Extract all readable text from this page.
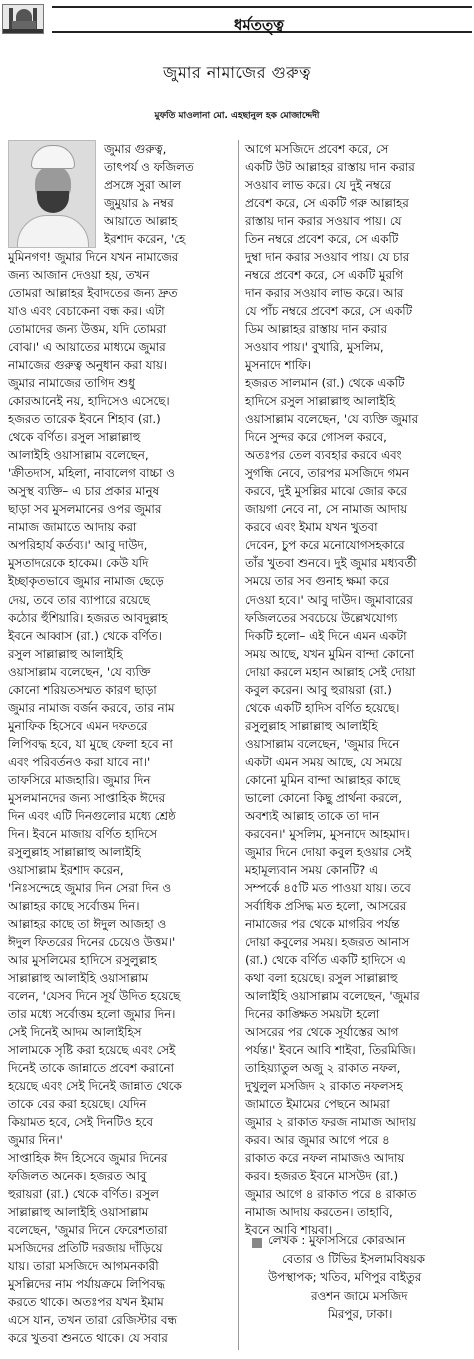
ধর্মতত্ত্ব
জুমার নামাজের গুরুত্ব
মুফতি মাওলানা মো. এহছানুল হক মোজাদ্দেদী
জুমার গুরুত্ব,
তাৎপর্য ও ফজিলত
প্রসঙ্গে সুরা আল
জুমুয়ার ৯ নম্বর
আয়াতে আল্লাহ
ইরশাদ করেন, 'হে
মুমিনগণ! জুমার দিনে যখন নামাজের
জন্য আজান দেওয়া হয়, তখন
তোমরা আল্লাহর ইবাদতের জন্য দ্রুত
যাও এবং বেচাকেনা বন্ধ কর। এটা
তোমাদের জন্য উত্তম, যদি তোমরা
বোঝ।' এ আয়াতের মাধ্যমে জুমার
নামাজের গুরুত্ব অনুধান করা যায়।
জুমার নামাজের তাগিদ শুধু
কোরআনেই নয়, হাদিসেও এসেছে।
হজরত তারেক ইবনে শিহাব (রা.)
থেকে বর্ণিত। রসুল সাল্লাল্লাহু
আলাইহি ওয়াসাল্লাম বলেছেন,
'ক্রীতদাস, মহিলা, নাবালেগ বাচ্চা ও
অসুস্থ ব্যক্তি– এ চার প্রকার মানুষ
ছাড়া সব মুসলমানের ওপর জুমার
নামাজ জামাতে আদায় করা
অপরিহার্য কর্তব্য।' আবু দাউদ,
মুসতাদরেকে হাকেম। কেউ যদি
ইচ্ছাকৃতভাবে জুমার নামাজ ছেড়ে
দেয়, তবে তার ব্যাপারে রয়েছে
কঠোর হুঁশিয়ারি। হজরত আবদুল্লাহ
ইবনে আব্বাস (রা.) থেকে বর্ণিত।
রসুল সাল্লাল্লাহু আলাইহি
ওয়াসাল্লাম বলেছেন, 'যে ব্যক্তি
কোনো শরিয়তসম্মত কারণ ছাড়া
জুমার নামাজ বর্জন করবে, তার নাম
মুনাফিক হিসেবে এমন দফতরে
লিপিবদ্ধ হবে, যা মুছে ফেলা হবে না
এবং পরিবর্তনও করা যাবে না।'
তাফসিরে মাজহারি। জুমার দিন
মুসলমানদের জন্য সাপ্তাহিক ঈদের
দিন এবং এটি দিনগুলোর মধ্যে শ্রেষ্ঠ
দিন। ইবনে মাজায় বর্ণিত হাদিসে
রসুলুল্লাহ সাল্লাল্লাহু আলাইহি
ওয়াসাল্লাম ইরশাদ করেন,
'নিঃসন্দেহে জুমার দিন সেরা দিন ও
আল্লাহর কাছে সর্বোত্তম দিন।
আল্লাহর কাছে তা ঈদুল আজহা ও
ঈদুল ফিতরের দিনের চেয়েও উত্তম।'
আর মুসলিমের হাদিসে রসুলুল্লাহ
সাল্লাল্লাহু আলাইহি ওয়াসাল্লাম
বলেন, 'যেসব দিনে সূর্য উদিত হয়েছে
তার মধ্যে সর্বোত্তম হলো জুমার দিন।
সেই দিনেই আদম আলাইহিস
সালামকে সৃষ্টি করা হয়েছে এবং সেই
দিনেই তাকে জান্নাতে প্রবেশ করানো
হয়েছে এবং সেই দিনেই জান্নাত থেকে
তাকে বের করা হয়েছে। যেদিন
কিয়ামত হবে, সেই দিনটিও হবে
জুমার দিন।'
সাপ্তাহিক ঈদ হিসেবে জুমার দিনের
ফজিলত অনেক। হজরত আবু
হুরায়রা (রা.) থেকে বর্ণিত। রসুল
সাল্লাল্লাহু আলাইহি ওয়াসাল্লাম
বলেছেন, 'জুমার দিনে ফেরেশতারা
মসজিদের প্রতিটি দরজায় দাঁড়িয়ে
যায়। তারা মসজিদে আগমনকারী
মুসল্লিদের নাম পর্যায়ক্রমে লিপিবদ্ধ
করতে থাকে। অতঃপর যখন ইমাম
এসে যান, তখন তারা রেজিস্টার বন্ধ
করে খুতবা শুনতে থাকে। যে সবার
আগে মসজিদে প্রবেশ করে, সে
একটি উট আল্লাহর রাস্তায় দান করার
সওয়াব লাভ করে। যে দুই নম্বরে
প্রবেশ করে, সে একটি গরু আল্লাহর
রাস্তায় দান করার সওয়াব পায়। যে
তিন নম্বরে প্রবেশ করে, সে একটি
দুম্বা দান করার সওয়াব পায়। যে চার
নম্বরে প্রবেশ করে, সে একটি মুরগি
দান করার সওয়াব লাভ করে। আর
যে পাঁচ নম্বরে প্রবেশ করে, সে একটি
ডিম আল্লাহর রাস্তায় দান করার
সওয়াব পায়।' বুখারি, মুসলিম,
মুসনাদে শাফি।
হজরত সালমান (রা.) থেকে একটি
হাদিসে রসুল সাল্লাল্লাহু আলাইহি
ওয়াসাল্লাম বলেছেন, 'যে ব্যক্তি জুমার
দিনে সুন্দর করে গোসল করবে,
অতঃপর তেল ব্যবহার করবে এবং
সুগন্ধি নেবে, তারপর মসজিদে গমন
করবে, দুই মুসল্লির মাঝে জোর করে
জায়গা নেবে না, সে নামাজ আদায়
করবে এবং ইমাম যখন খুতবা
দেবেন, চুপ করে মনোযোগসহকারে
তাঁর খুতবা শুনবে। দুই জুমার মধ্যবর্তী
সময়ে তার সব গুনাহ ক্ষমা করে
দেওয়া হবে।' আবু দাউদ। জুমাবারের
ফজিলতের সবচেয়ে উল্লেখযোগ্য
দিকটি হলো– এই দিনে এমন একটা
সময় আছে, যখন মুমিন বান্দা কোনো
দোয়া করলে মহান আল্লাহ সেই দোয়া
কবুল করেন। আবু হুরায়রা (রা.)
থেকে একটি হাদিস বর্ণিত হয়েছে।
রসুলুল্লাহ সাল্লাল্লাহু আলাইহি
ওয়াসাল্লাম বলেছেন, 'জুমার দিনে
একটা এমন সময় আছে, যে সময়ে
কোনো মুমিন বান্দা আল্লাহর কাছে
ভালো কোনো কিছু প্রার্থনা করলে,
অবশ্যই আল্লাহ তাকে তা দান
করবেন।' মুসলিম, মুসনাদে আহমাদ।
জুমার দিনে দোয়া কবুল হওয়ার সেই
মহামূল্যবান সময় কোনটি? এ
সম্পর্কে ৪৫টি মত পাওয়া যায়। তবে
সর্বাধিক প্রসিদ্ধ মত হলো, আসরের
নামাজের পর থেকে মাগরিব পর্যন্ত
দোয়া কবুলের সময়। হজরত আনাস
(রা.) থেকে বর্ণিত একটি হাদিসে এ
কথা বলা হয়েছে। রসুল সাল্লাল্লাহু
আলাইহি ওয়াসাল্লাম বলেছেন, 'জুমার
দিনের কাঙ্ক্ষিত সময়টা হলো
আসরের পর থেকে সূর্যাস্তের আগ
পর্যন্ত।' ইবনে আবি শাইবা, তিরমিজি।
তাহিয়্যাতুল অজু ২ রাকাত নফল,
দুখুলুল মসজিদ ২ রাকাত নফলসহ
জামাতে ইমামের পেছনে আমরা
জুমার ২ রাকাত ফরজ নামাজ আদায়
করব। আর জুমার আগে পরে ৪
রাকাত করে নফল নামাজও আদায়
করব। হজরত ইবনে মাসউদ (রা.)
জুমার আগে ৪ রাকাত পরে ৪ রাকাত
নামাজ আদায় করতেন। তাহাবি,
ইবনে আবি শায়বা।
লেখক : মুফাসসিরে কোরআন
বেতার ও টিভির ইসলামবিষয়ক
উপস্থাপক; খতিব, মণিপুর বাইতুর
রওশন জামে মসজিদ
মিরপুর, ঢাকা।
